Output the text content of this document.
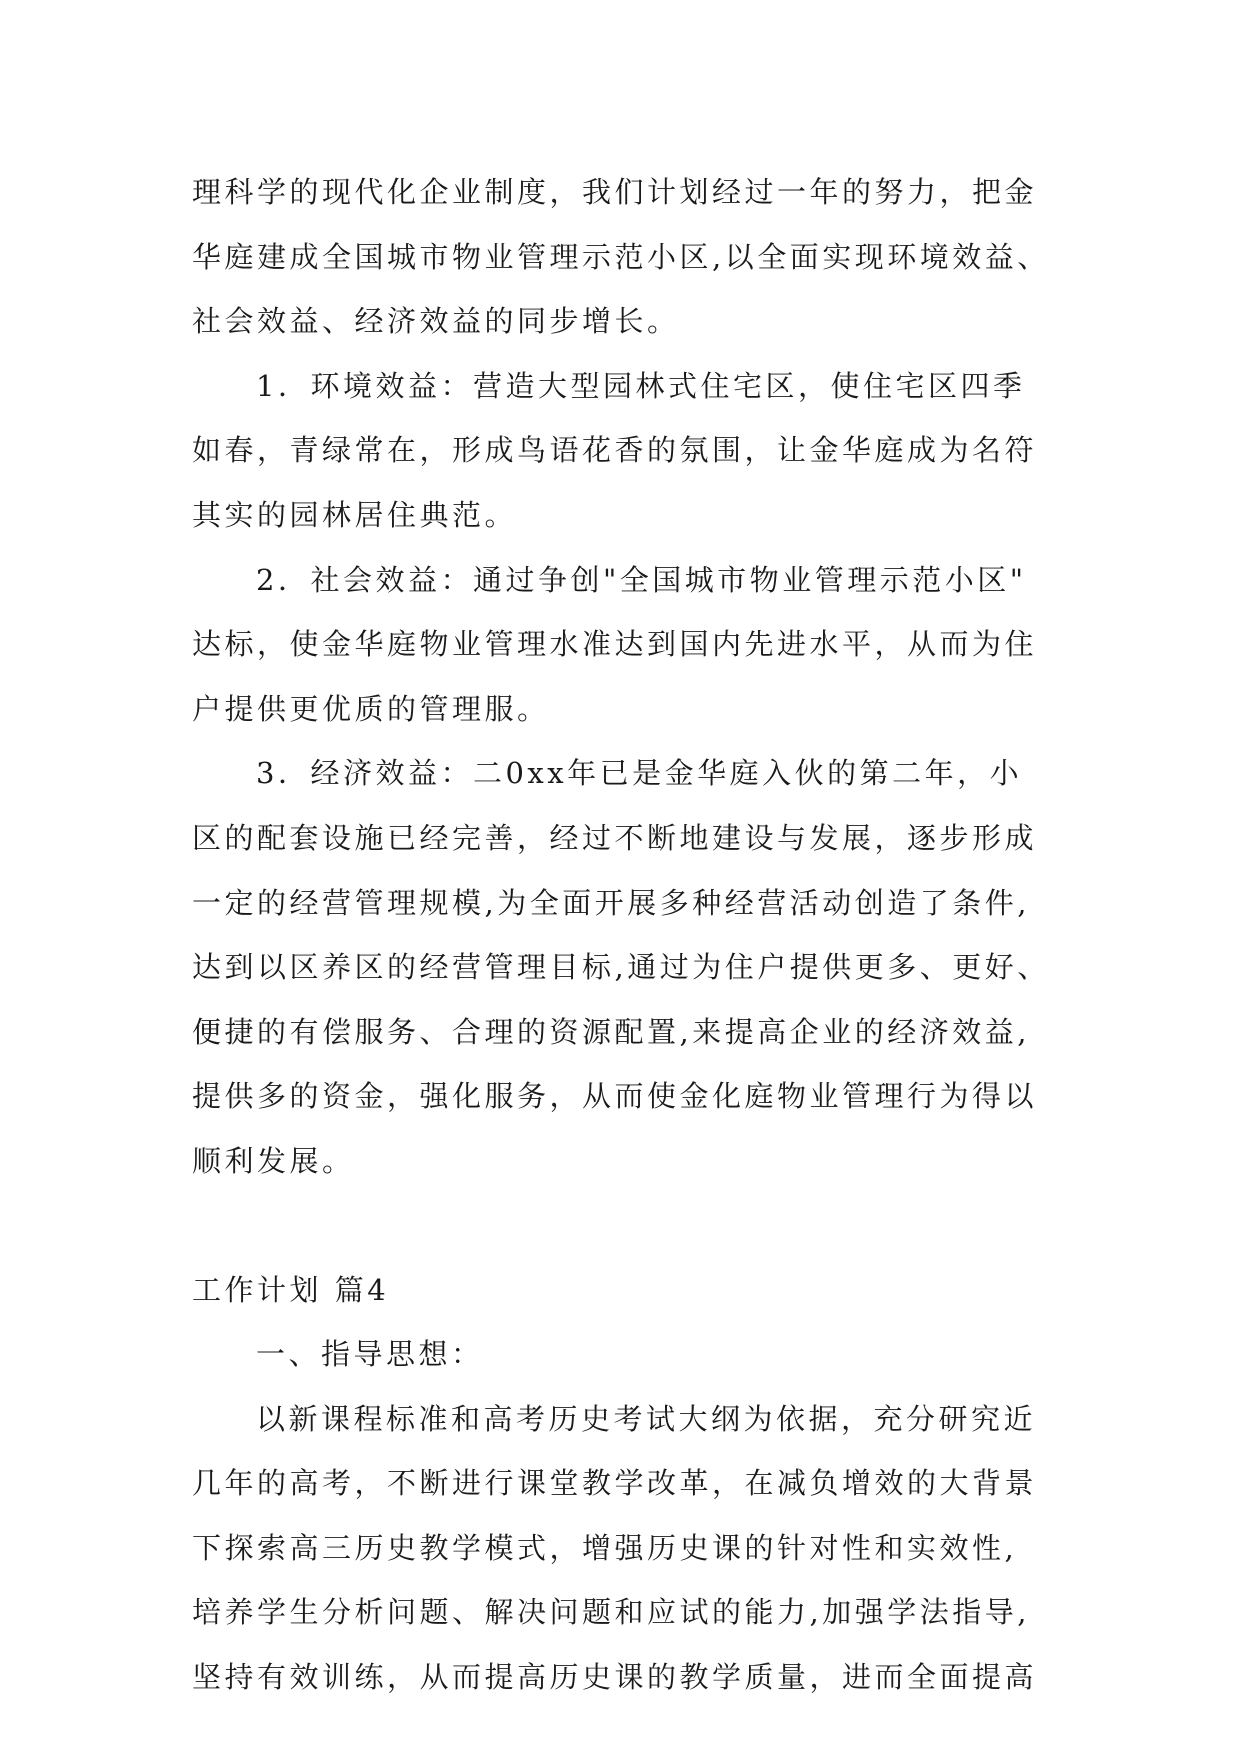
理科学的现代化企业制度，我们计划经过一年的努力，把金
华庭建成全国城市物业管理示范小区,以全面实现环境效益、
社会效益、经济效益的同步增长。
1．环境效益：营造大型园林式住宅区，使住宅区四季
如春，青绿常在，形成鸟语花香的氛围，让金华庭成为名符
其实的园林居住典范。
2．社会效益：通过争创"全国城市物业管理示范小区"
达标，使金华庭物业管理水准达到国内先进水平，从而为住
户提供更优质的管理服。
3．经济效益：二0xx年已是金华庭入伙的第二年，小
区的配套设施已经完善，经过不断地建设与发展，逐步形成
一定的经营管理规模,为全面开展多种经营活动创造了条件,
达到以区养区的经营管理目标,通过为住户提供更多、更好、
便捷的有偿服务、合理的资源配置,来提高企业的经济效益,
提供多的资金，强化服务，从而使金化庭物业管理行为得以
顺利发展。
工作计划 篇4
一、指导思想：
以新课程标准和高考历史考试大纲为依据，充分研究近
几年的高考，不断进行课堂教学改革，在减负增效的大背景
下探索高三历史教学模式，增强历史课的针对性和实效性,
培养学生分析问题、解决问题和应试的能力,加强学法指导,
坚持有效训练，从而提高历史课的教学质量，进而全面提高
